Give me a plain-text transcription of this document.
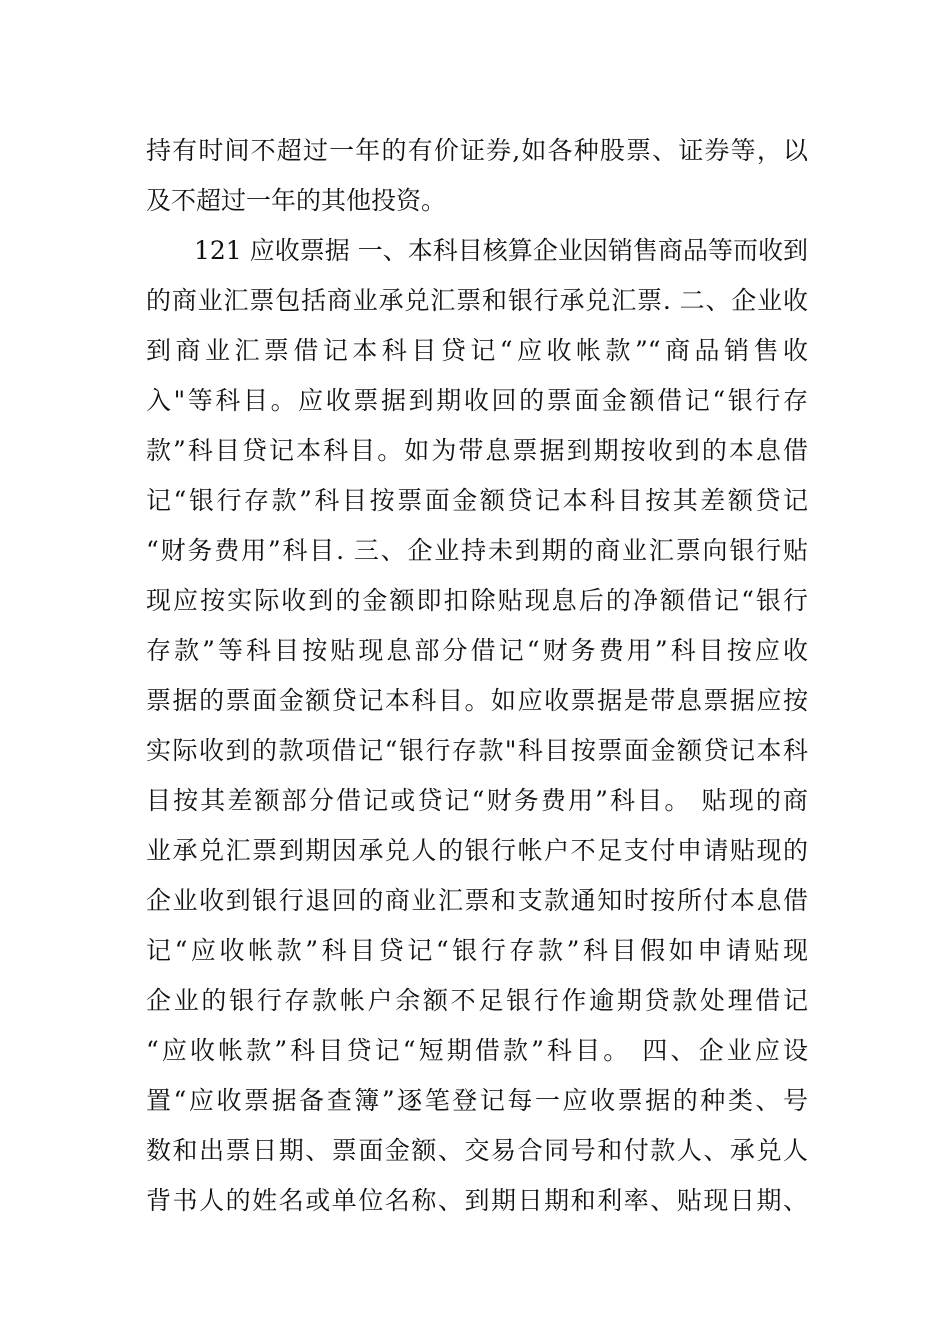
持有时间不超过一年的有价证券,如各种股票、证券等，以
及不超过一年的其他投资。
121 应收票据 一、本科目核算企业因销售商品等而收到
的商业汇票包括商业承兑汇票和银行承兑汇票. 二、企业收
到商业汇票借记本科目贷记“应收帐款”“商品销售收
入"等科目。应收票据到期收回的票面金额借记“银行存
款”科目贷记本科目。如为带息票据到期按收到的本息借
记“银行存款”科目按票面金额贷记本科目按其差额贷记
“财务费用”科目. 三、企业持未到期的商业汇票向银行贴
现应按实际收到的金额即扣除贴现息后的净额借记“银行
存款”等科目按贴现息部分借记“财务费用”科目按应收
票据的票面金额贷记本科目。如应收票据是带息票据应按
实际收到的款项借记“银行存款"科目按票面金额贷记本科
目按其差额部分借记或贷记“财务费用”科目。 贴现的商
业承兑汇票到期因承兑人的银行帐户不足支付申请贴现的
企业收到银行退回的商业汇票和支款通知时按所付本息借
记“应收帐款”科目贷记“银行存款”科目假如申请贴现
企业的银行存款帐户余额不足银行作逾期贷款处理借记
“应收帐款”科目贷记“短期借款”科目。 四、企业应设
置“应收票据备查簿”逐笔登记每一应收票据的种类、号
数和出票日期、票面金额、交易合同号和付款人、承兑人
背书人的姓名或单位名称、到期日期和利率、贴现日期、
